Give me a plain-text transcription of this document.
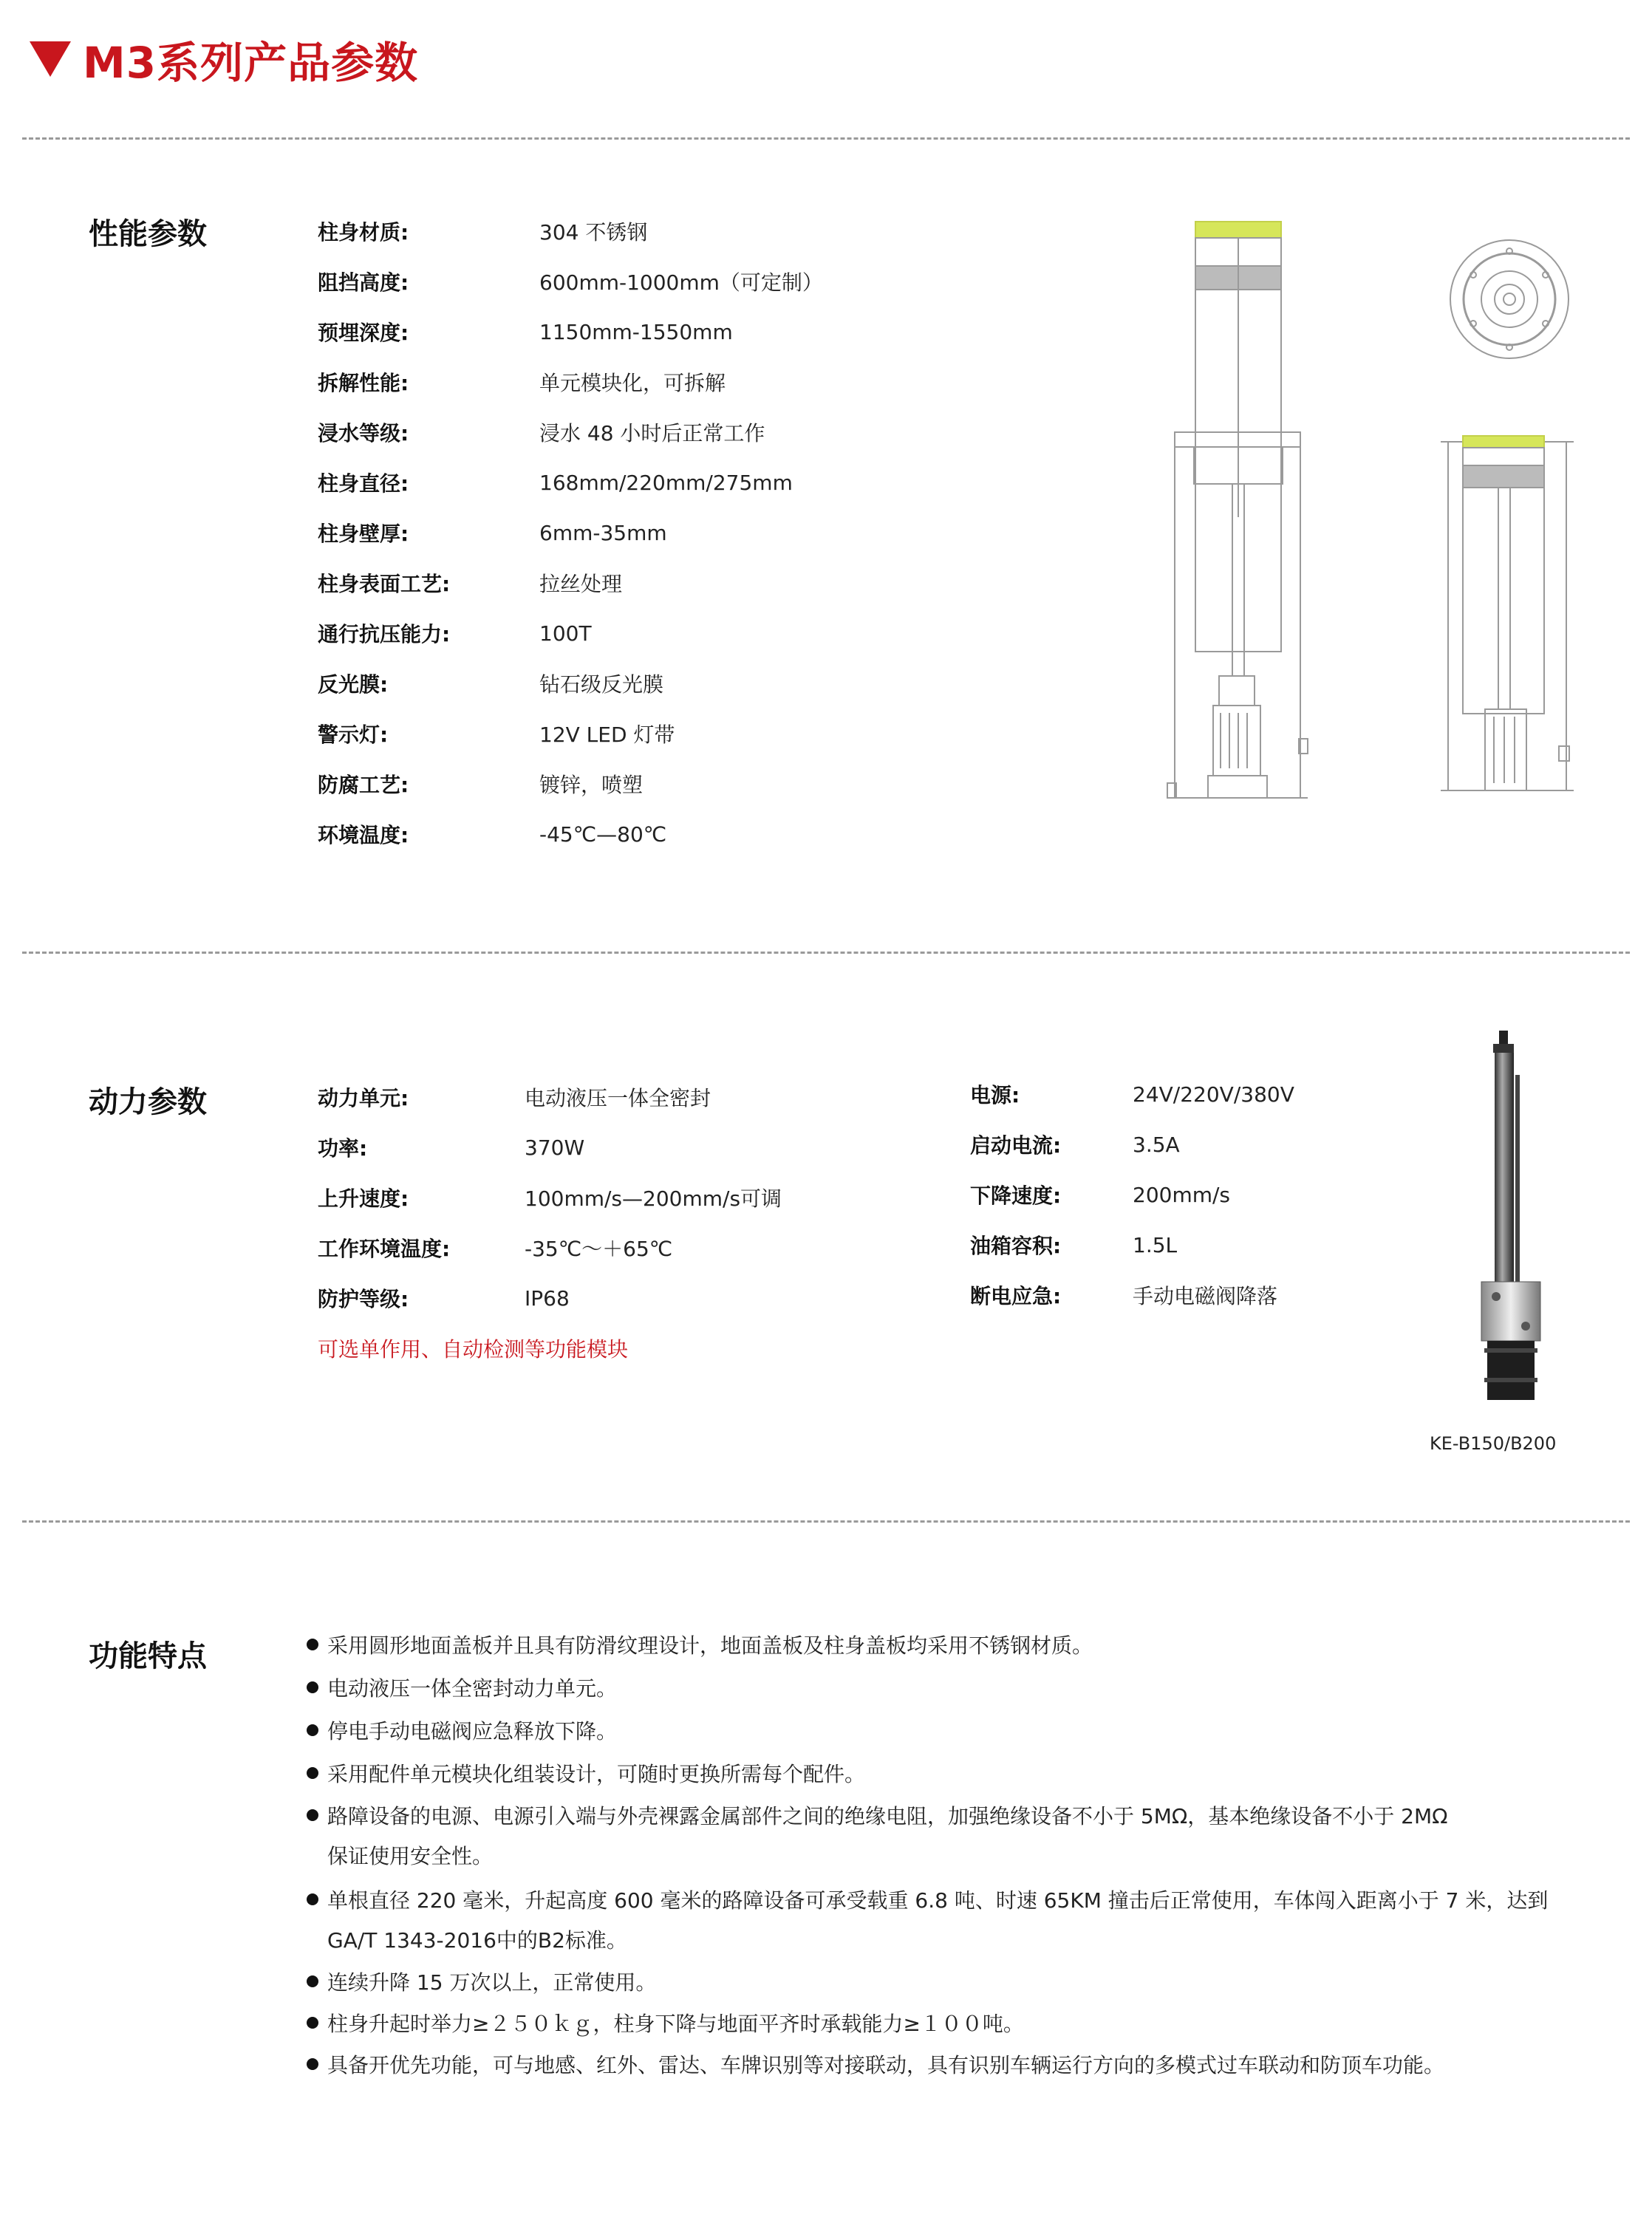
M3系列产品参数
性能参数	柱身材质:	304 不锈钢
阻挡高度:	600mm-1000mm（可定制）
预埋深度:	1150mm-1550mm
拆解性能:	单元模块化，可拆解
浸水等级:	浸水 48 小时后正常工作
柱身直径:	168mm/220mm/275mm
柱身壁厚:	6mm-35mm
柱身表面工艺:	拉丝处理
通行抗压能力:	100T
反光膜:	钻石级反光膜
警示灯:	12V LED 灯带
防腐工艺:	镀锌，喷塑
环境温度:	-45℃—80℃
动力参数	动力单元:	电动液压一体全密封
功率:	370W
上升速度:	100mm/s—200mm/s可调
工作环境温度:	-35℃～＋65℃
防护等级:	IP68
电源:	24V/220V/380V
启动电流:	3.5A
下降速度:	200mm/s
油箱容积:	1.5L
断电应急:	手动电磁阀降落
可选单作用、自动检测等功能模块
KE-B150/B200
功能特点	采用圆形地面盖板并且具有防滑纹理设计，地面盖板及柱身盖板均采用不锈钢材质。
电动液压一体全密封动力单元。
停电手动电磁阀应急释放下降。
采用配件单元模块化组装设计，可随时更换所需每个配件。
路障设备的电源、电源引入端与外壳裸露金属部件之间的绝缘电阻，加强绝缘设备不小于 5MΩ，基本绝缘设备不小于 2MΩ
保证使用安全性。
单根直径 220 毫米，升起高度 600 毫米的路障设备可承受载重 6.8 吨、时速 65KM 撞击后正常使用，车体闯入距离小于 7 米，达到
GA/T 1343-2016中的B2标准。
连续升降 15 万次以上，正常使用。
柱身升起时举力≥２５０ｋｇ，柱身下降与地面平齐时承载能力≥１００吨。
具备开优先功能，可与地感、红外、雷达、车牌识别等对接联动，具有识别车辆运行方向的多模式过车联动和防顶车功能。
